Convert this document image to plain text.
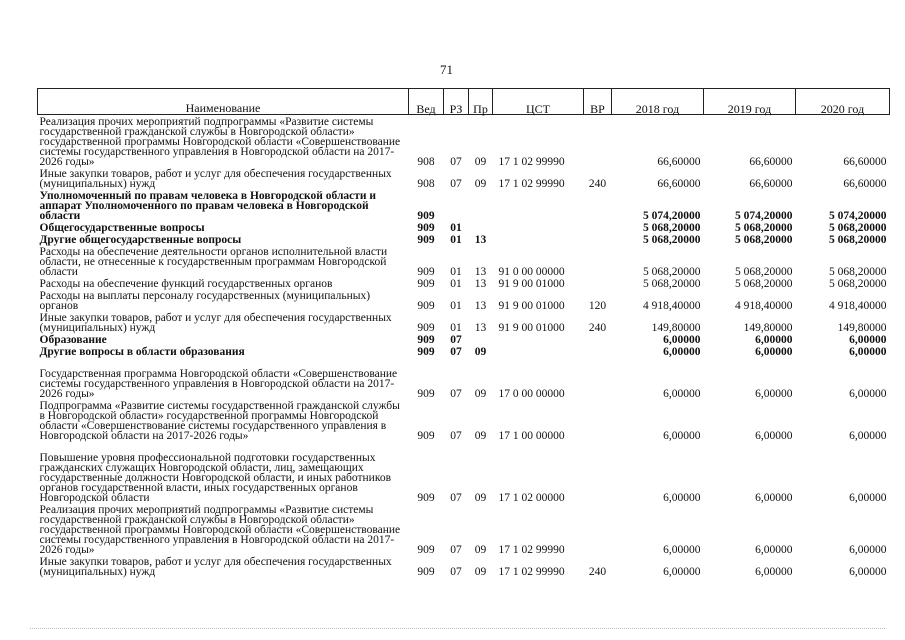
71
Наименование	Вед	РЗ	Пр	ЦСТ	ВР	2018 год	2019 год	2020 год
Реализация прочих мероприятий подпрограммы «Развитие системы государственной гражданской службы в Новгородской области» государственной программы Новгородской области «Совершенствование системы государственного управления в Новгородской области на 2017-2026 годы»	908	07	09	17 1 02 99990		66,60000	66,60000	66,60000
Иные закупки товаров, работ и услуг для обеспечения государственных (муниципальных) нужд	908	07	09	17 1 02 99990	240	66,60000	66,60000	66,60000
Уполномоченный по правам человека в Новгородской области и аппарат Уполномоченного по правам человека в Новгородской области	909					5 074,20000	5 074,20000	5 074,20000
Общегосударственные вопросы	909	01				5 068,20000	5 068,20000	5 068,20000
Другие общегосударственные вопросы	909	01	13			5 068,20000	5 068,20000	5 068,20000
Расходы на обеспечение деятельности органов исполнительной власти области, не отнесенные к государственным программам Новгородской области	909	01	13	91 0 00 00000		5 068,20000	5 068,20000	5 068,20000
Расходы на обеспечение функций государственных органов	909	01	13	91 9 00 01000		5 068,20000	5 068,20000	5 068,20000
Расходы на выплаты персоналу государственных (муниципальных) органов	909	01	13	91 9 00 01000	120	4 918,40000	4 918,40000	4 918,40000
Иные закупки товаров, работ и услуг для обеспечения государственных (муниципальных) нужд	909	01	13	91 9 00 01000	240	149,80000	149,80000	149,80000
Образование	909	07				6,00000	6,00000	6,00000
Другие вопросы в области образования	909	07	09			6,00000	6,00000	6,00000
Государственная программа Новгородской области «Совершенствование системы государственного управления в Новгородской области на 2017-2026 годы»	909	07	09	17 0 00 00000		6,00000	6,00000	6,00000
Подпрограмма «Развитие системы государственной гражданской службы в Новгородской области» государственной программы Новгородской области «Совершенствование системы государственного управления в Новгородской области на 2017-2026 годы»	909	07	09	17 1 00 00000		6,00000	6,00000	6,00000
Повышение уровня профессиональной подготовки государственных гражданских служащих Новгородской области, лиц, замещающих государственные должности Новгородской области, и иных работников органов государственной власти, иных государственных органов Новгородской области	909	07	09	17 1 02 00000		6,00000	6,00000	6,00000
Реализация прочих мероприятий подпрограммы «Развитие системы государственной гражданской службы в Новгородской области» государственной программы Новгородской области «Совершенствование системы государственного управления в Новгородской области на 2017-2026 годы»	909	07	09	17 1 02 99990		6,00000	6,00000	6,00000
Иные закупки товаров, работ и услуг для обеспечения государственных (муниципальных) нужд	909	07	09	17 1 02 99990	240	6,00000	6,00000	6,00000
